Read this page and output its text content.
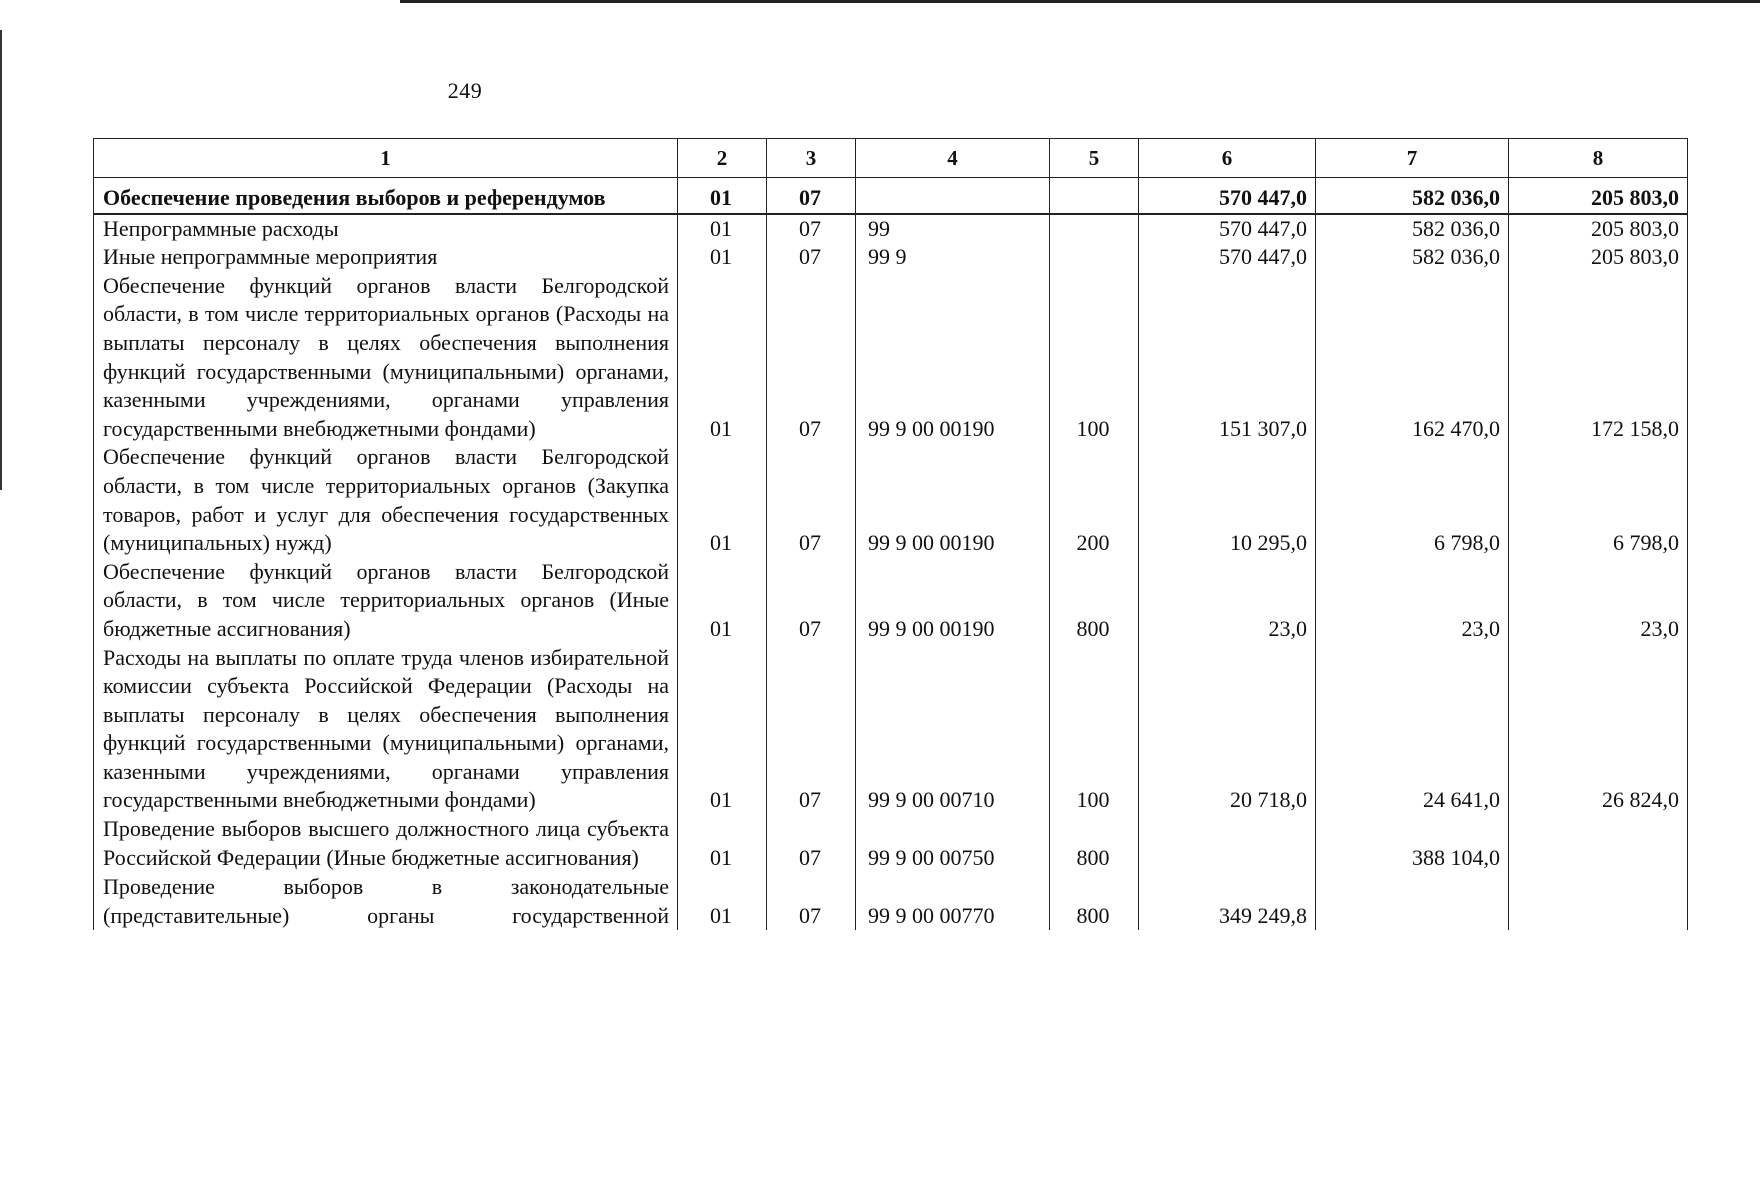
249
1	2	3	4	5	6	7	8
Обеспечение проведения выборов и референдумов	01	07			570 447,0	582 036,0	205 803,0
Непрограммные расходы	01	07	99		570 447,0	582 036,0	205 803,0
Иные непрограммные мероприятия	01	07	99 9		570 447,0	582 036,0	205 803,0
Обеспечение функций органов власти Белгородской области, в том числе территориальных органов (Расходы на выплаты персоналу в целях обеспечения выполнения функций государственными (муниципальными) органами, казенными учреждениями, органами управления государственными внебюджетными фондами)	01	07	99 9 00 00190	100	151 307,0	162 470,0	172 158,0
Обеспечение функций органов власти Белгородской области, в том числе территориальных органов (Закупка товаров, работ и услуг для обеспечения государственных (муниципальных) нужд)	01	07	99 9 00 00190	200	10 295,0	6 798,0	6 798,0
Обеспечение функций органов власти Белгородской области, в том числе территориальных органов (Иные бюджетные ассигнования)	01	07	99 9 00 00190	800	23,0	23,0	23,0
Расходы на выплаты по оплате труда членов избирательной комиссии субъекта Российской Федерации (Расходы на выплаты персоналу в целях обеспечения выполнения функций государственными (муниципальными) органами, казенными учреждениями, органами управления государственными внебюджетными фондами)	01	07	99 9 00 00710	100	20 718,0	24 641,0	26 824,0
Проведение выборов высшего должностного лица субъекта Российской Федерации (Иные бюджетные ассигнования)	01	07	99 9 00 00750	800		388 104,0	
Проведение выборов в законодательные (представительные) органы государственной	01	07	99 9 00 00770	800	349 249,8		
